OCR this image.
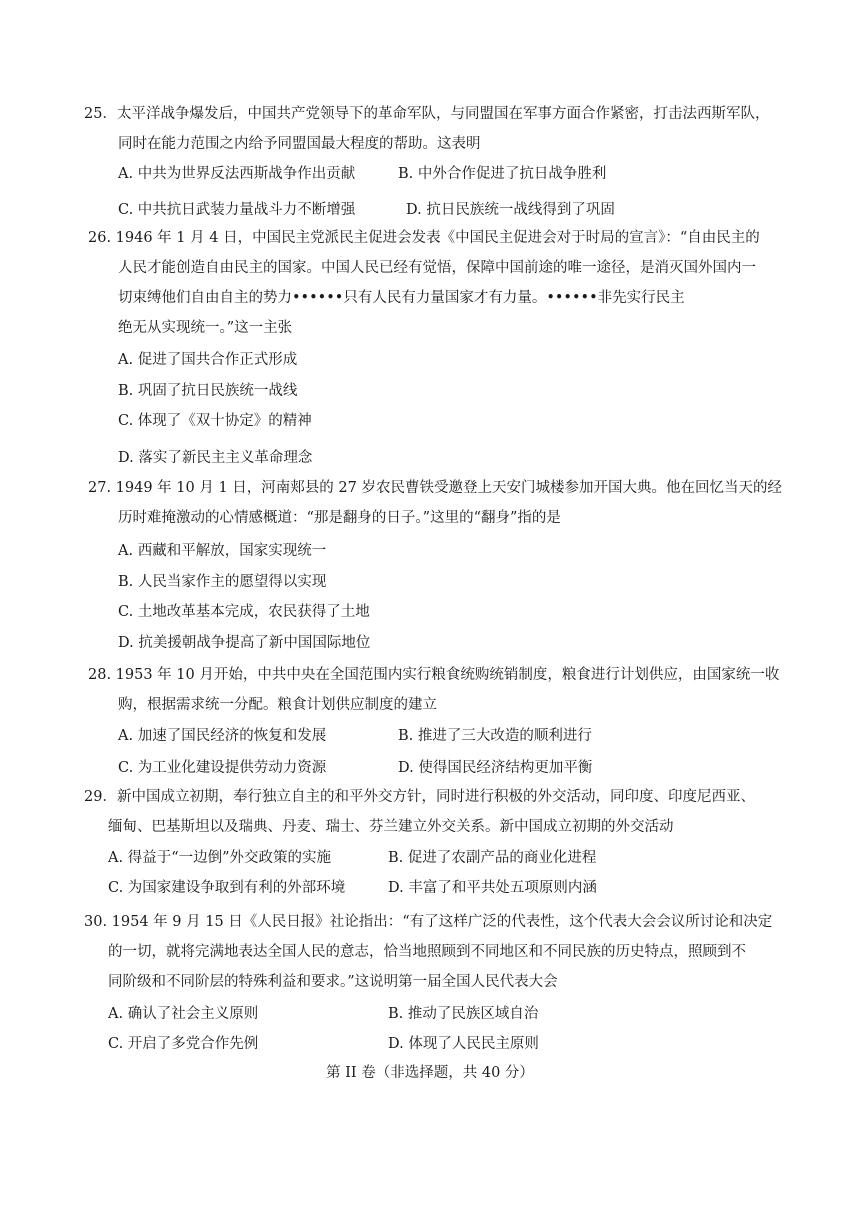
25．太平洋战争爆发后，中国共产党领导下的革命军队，与同盟国在军事方面合作紧密，打击法西斯军队，
同时在能力范围之内给予同盟国最大程度的帮助。这表明
A. 中共为世界反法西斯战争作出贡献	B. 中外合作促进了抗日战争胜利
C. 中共抗日武装力量战斗力不断增强	D. 抗日民族统一战线得到了巩固
26. 1946 年 1 月 4 日，中国民主党派民主促进会发表《中国民主促进会对于时局的宣言》：“自由民主的
人民才能创造自由民主的国家。中国人民已经有觉悟，保障中国前途的唯一途径，是消灭国外国内一
切束缚他们自由自主的势力••••••只有人民有力量国家才有力量。••••••非先实行民主
绝无从实现统一。”这一主张
A. 促进了国共合作正式形成
B. 巩固了抗日民族统一战线
C. 体现了《双十协定》的精神
D. 落实了新民主主义革命理念
27. 1949 年 10 月 1 日，河南郏县的 27 岁农民曹铁受邀登上天安门城楼参加开国大典。他在回忆当天的经
历时难掩激动的心情感概道：“那是翻身的日子。”这里的“翻身”指的是
A. 西藏和平解放，国家实现统一
B. 人民当家作主的愿望得以实现
C. 土地改革基本完成，农民获得了土地
D. 抗美援朝战争提高了新中国国际地位
28. 1953 年 10 月开始，中共中央在全国范围内实行粮食统购统销制度，粮食进行计划供应，由国家统一收
购，根据需求统一分配。粮食计划供应制度的建立
A. 加速了国民经济的恢复和发展	B. 推进了三大改造的顺利进行
C. 为工业化建设提供劳动力资源	D. 使得国民经济结构更加平衡
29．新中国成立初期，奉行独立自主的和平外交方针，同时进行积极的外交活动，同印度、印度尼西亚、
缅甸、巴基斯坦以及瑞典、丹麦、瑞士、芬兰建立外交关系。新中国成立初期的外交活动
A. 得益于“一边倒”外交政策的实施	B. 促进了农副产品的商业化进程
C. 为国家建设争取到有利的外部环境	D. 丰富了和平共处五项原则内涵
30. 1954 年 9 月 15 日《人民日报》社论指出：“有了这样广泛的代表性，这个代表大会会议所讨论和决定
的一切，就将完满地表达全国人民的意志，恰当地照顾到不同地区和不同民族的历史特点，照顾到不
同阶级和不同阶层的特殊利益和要求。”这说明第一届全国人民代表大会
A. 确认了社会主义原则	B. 推动了民族区域自治
C. 开启了多党合作先例	D. 体现了人民民主原则
第 II 卷（非选择题，共 40 分）
